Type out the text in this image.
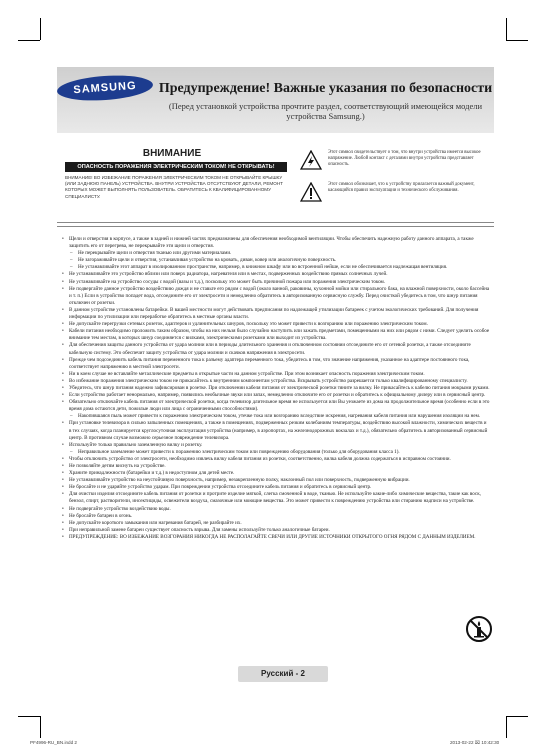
SAMSUNG	Предупреждение! Важные указания по безопасности
(Перед установкой устройства прочтите раздел, соответствующий имеющейся модели устройства Samsung.)
ВНИМАНИЕ
ОПАСНОСТЬ ПОРАЖЕНИЯ ЭЛЕКТРИЧЕСКИМ ТОКОМ! НЕ ОТКРЫВАТЬ!
ВНИМАНИЕ! ВО ИЗБЕЖАНИЕ ПОРАЖЕНИЯ ЭЛЕКТРИЧЕСКИМ ТОКОМ НЕ ОТКРЫВАЙТЕ КРЫШКУ (ИЛИ ЗАДНЮЮ ПАНЕЛЬ) УСТРОЙСТВА. ВНУТРИ УСТРОЙСТВА ОТСУТСТВУЮТ ДЕТАЛИ, РЕМОНТ КОТОРЫХ МОЖЕТ ВЫПОЛНЯТЬ ПОЛЬЗОВАТЕЛЬ. ОБРАТИТЕСЬ К КВАЛИФИЦИРОВАННОМУ СПЕЦИАЛИСТУ.
Этот символ свидетельствует о том, что внутри устройства имеется высокое напряжение. Любой контакт с деталями внутри устройства представляет опасность.
Этот символ обозначает, что к устройству прилагается важный документ, касающийся правил эксплуатации и технического обслуживания.
• Щели и отверстия в корпусе, а также в задней и нижней частях предназначены для обеспечения необходимой вентиляции. Чтобы обеспечить надежную работу данного аппарата, а также защитить его от перегрева, не перекрывайте эти щели и отверстия.
– Не перекрывайте щели и отверстия тканью или другими материалами.
– Не загораживайте щели и отверстия, устанавливая устройство на кровать, диван, ковер или аналогичную поверхность.
– Не устанавливайте этот аппарат в изолированном пространстве, например, в книжном шкафу или во встроенной нейше, если не обеспечивается надлежащая вентиляция.
• Не устанавливайте это устройство вблизи или поверх радиатора, нагревателя или в местах, подверженных воздействию прямых солнечных лучей.
• Не устанавливайте на устройство сосуды с водой (вазы и т.д.), поскольку это может быть причиной пожара или поражения электрическим током.
• Не подвергайте данное устройство воздействию дождя и не ставьте его рядом с водой (около ванной, раковины, кухонной мойки или стирального бака, на влажной поверхности, около бассейна и т. п.) Если в устройство попадет вода, отсоедините его от электросети и немедленно обратитесь в авторизованную сервисную службу. Перед очисткой убедитесь в том, что шнур питания отключен от розетки.
• В данном устройстве установлены батарейки. В вашей местности могут действовать предписания по надлежащей утилизации батареек с учетом экологических требований. Для получения информации по утилизации или переработке обратитесь в местные органы власти.
• Не допускайте перегрузки сетевых розеток, адаптеров и удлинительных шнуров, поскольку это может привести к возгоранию или поражению электрическим током.
• Кабели питания необходимо проложить таким образом, чтобы на них нельзя было случайно наступить или зажать предметами, помещенными на них или рядом с ними. Следует уделить особое внимание тем местам, в которых шнур соединяется с вилками, электрическими розетками или выходит из устройства.
• Для обеспечения защиты данного устройства от удара молнии или в периоды длительного хранения и отключенном состоянии отсоедините его от сетевой розетки, а также отсоедините кабельную систему. Это обеспечит защиту устройства от удара молнии и скачков напряжения в электросети.
• Прежде чем подсоединить кабель питания переменного тока к разъему адаптера переменного тока, убедитесь в том, что значение напряжения, указанное на адаптере постоянного тока, соответствует напряжению в местной электросети.
• Ни в коем случае не вставляйте металлические предметы в открытые части на данном устройстве. При этом возникает опасность поражения электрическим током.
• Во избежание поражения электрическим током не прикасайтесь к внутренним компонентам устройства. Вскрывать устройство разрешается только квалифицированному специалисту.
• Убедитесь, что шнур питания надежно зафиксирован в розетке. При отключении кабеля питания от электрической розетки тяните за вилку. Не прикасайтесь к кабелю питания мокрыми руками.
• Если устройство работает ненормально, например, появились необычные звуки или запах, немедленно отключите его от розетки и обратитесь к официальному дилеру или в сервисный центр.
• Обязательно отключайте кабель питания от электрической розетки, когда телевизор длительное время не используется или Вы уезжаете из дома на продолжительное время (особенно если в это время дома остаются дети, пожилые люди или лица с ограниченными способностями).
– Накопившаяся пыль может привести к поражению электрическим током, утечке тока или возгоранию вследствие искрения, нагревания кабеля питания или нарушения изоляции на нем.
• При установке телевизора в сильно запыленных помещениях, а также в помещениях, подверженных резким колебаниям температуры, воздействию высокой влажности, химических веществ и в тех случаях, когда планируется круглосуточная эксплуатация устройства (например, в аэропортах, на железнодорожных вокзалах и т.д.), обязательно обратитесь в авторизованный сервисный центр. В противном случае возможно серьезное повреждение телевизора.
• Используйте только правильно заземленную вилку и розетку.
– Неправильное заземление может привести к поражению электрическим током или повреждению оборудования (только для оборудования класса 1).
• Чтобы отключить устройство от электросети, необходимо извлечь вилку кабеля питания из розетки, соответственно, вилка кабеля должна содержаться в исправном состоянии.
• Не позволяйте детям виснуть на устройстве.
• Храните принадлежности (батарейки и т.д.) в недоступном для детей месте.
• Не устанавливайте устройство на неустойчивую поверхность, например, незакрепленную полку, наклонный пол или поверхность, подверженную вибрации.
• Не бросайте и не ударяйте устройство ударам. При повреждении устройства отсоедините кабель питания и обратитесь в сервисный центр.
• Для очистки изделия отсоедините кабель питания от розетки и протрите изделие мягкой, слегка смоченной в воде, тканью. Не используйте какие-либо химические вещества, такие как воск, бензол, спирт, растворители, инсектициды, освежители воздуха, смазочные или моющие вещества. Это может привести к повреждению устройства или стиранию надписи на устройстве.
• Не подвергайте устройство воздействию воды.
• Не бросайте батареи в огонь.
• Не допускайте короткого замыкания или нагревания батарей, не разбирайте их.
• При неправильной замене батареи существует опасность взрыва. Для замены используйте только аналогичные батареи.
• ПРЕДУПРЕЖДЕНИЕ: ВО ИЗБЕЖАНИЕ ВОЗГОРАНИЯ НИКОГДА НЕ РАСПОЛАГАЙТЕ СВЕЧИ ИЛИ ДРУГИЕ ИСТОЧНИКИ ОТКРЫТОГО ОГНЯ РЯДОМ С ДАННЫМ ИЗДЕЛИЕМ.
Русский - 2
PF4996-RU_BN.indd 2	2013-02-22 ⌧ 10:42:30
